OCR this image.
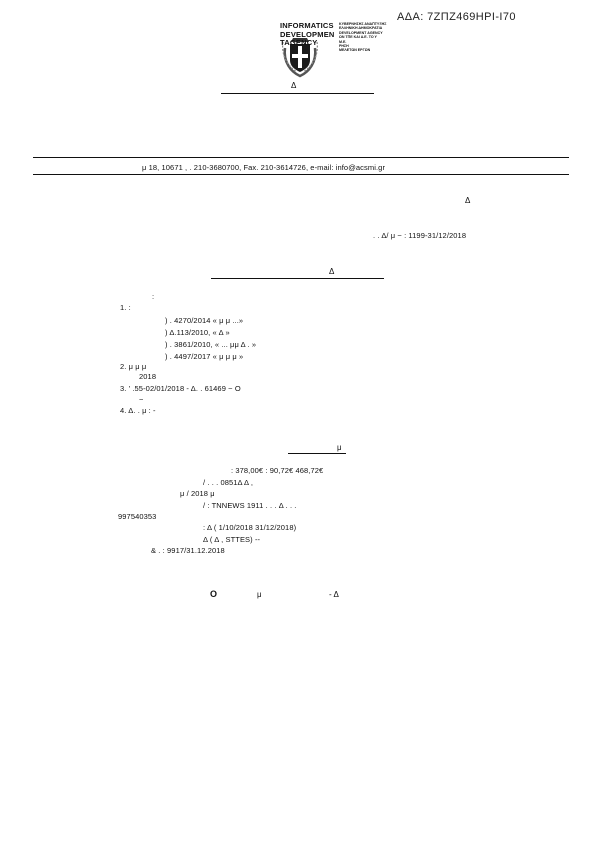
ΑΔΑ: 7ΖΠΖ469ΗΡΙ-Ι70
INFORMATICS
DEVELOPMEN
TAGENCY
ΚΥΒΕΡΝΗΣΗΣ ΑΝΑΠΤΥΞΗΣ
ΕΛΛΗΝΙΚΗ ΔΗΜΟΚΡΑΤΙΑ
DEVELOPMENT AGENCY
ΩΝ ΤΠΕ ΚΑΙ Α.Ε. ΤΟ Υ
Μ.Ε.
ΡΗΣΗ
ΜΕΛΕΤΩΝ ΕΡΓΩΝ
Δ
μ 18, 10671 , . 210-3680700, Fax. 210-3614726, e-mail: info@acsmi.gr
Δ
. . Δ/ μ − : 1199-31/12/2018
Δ
:
1. :
) . 4270/2014 « μ μ ...»
) Δ.113/2010, « Δ »
) . 3861/2010, « ... μμ Δ . »
) . 4497/2017 « μ μ μ »
2. μ μ μ
2018
3. ' .55-02/01/2018 - Δ. . 61469 − Ο
−
4. Δ. . μ : -
μ
: 378,00€ : 90,72€ 468,72€
/ . . . 0851Δ Δ ,
μ / 2018 μ
/ : TNNEWS 1911 . . . Δ . . .
997540353
: Δ ( 1/10/2018 31/12/2018)
Δ ( Δ , STTES) --
& . : 9917/31.12.2018
Ο	μ	- Δ
